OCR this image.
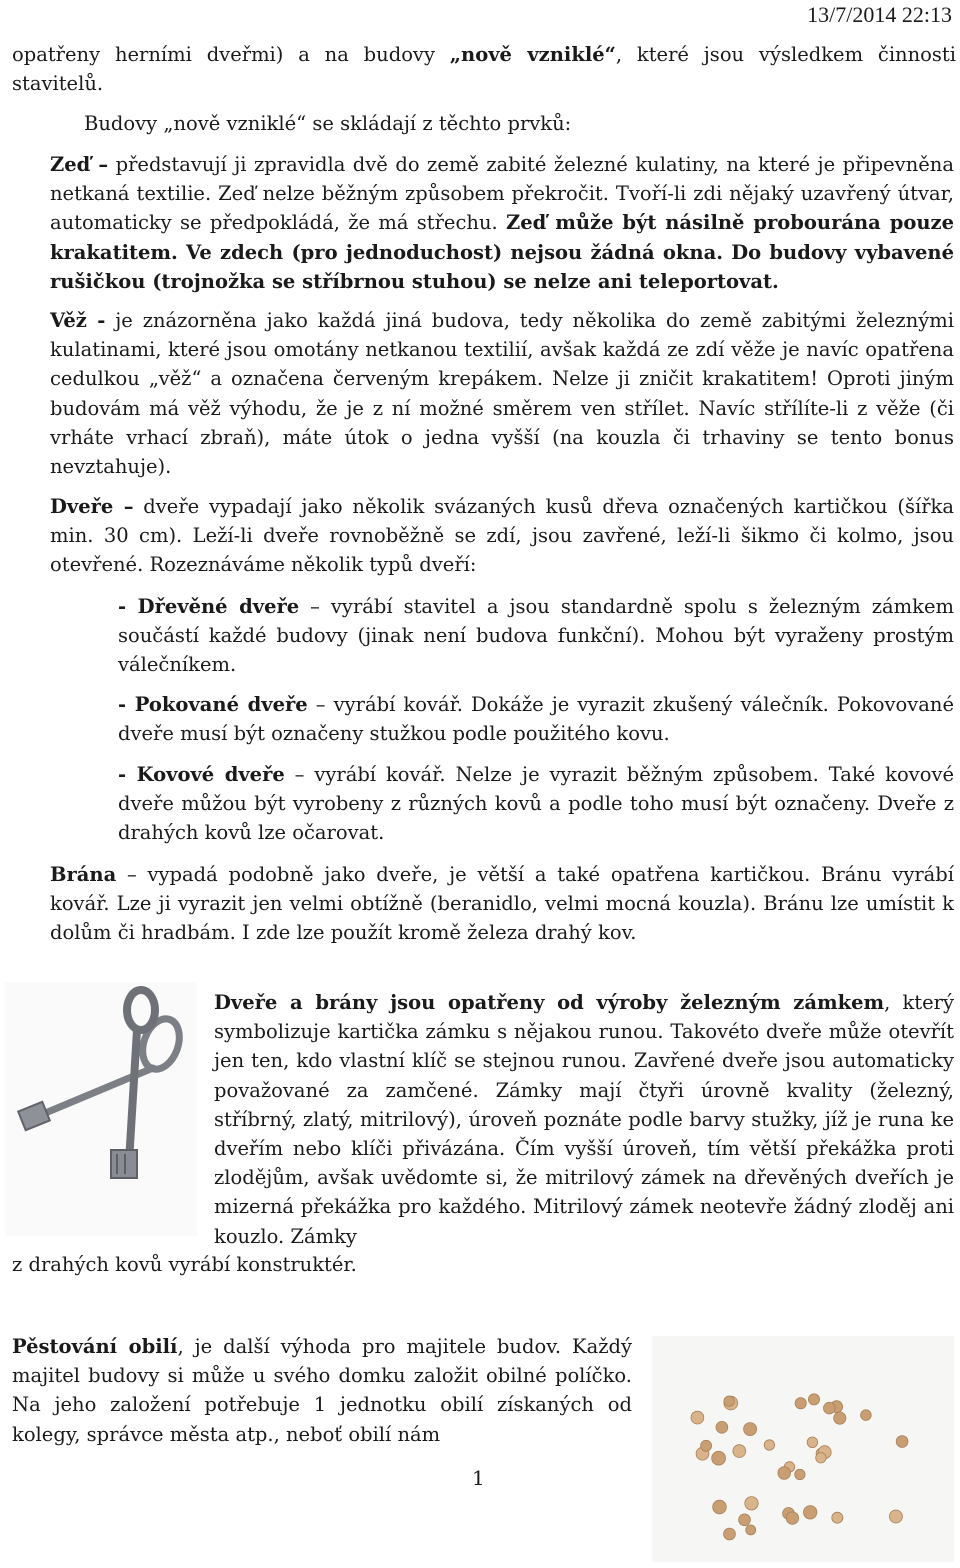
13/7/2014 22:13

opatřeny herními dveřmi) a na budovy „nově vzniklé“, které jsou výsledkem činnosti stavitelů.

Budovy „nově vzniklé“ se skládají z těchto prvků:

Zeď – představují ji zpravidla dvě do země zabité železné kulatiny, na které je připevněna netkaná textilie. Zeď nelze běžným způsobem překročit. Tvoří-li zdi nějaký uzavřený útvar, automaticky se předpokládá, že má střechu. Zeď může být násilně probourána pouze krakatitem. Ve zdech (pro jednoduchost) nejsou žádná okna. Do budovy vybavené rušičkou (trojnožka se stříbrnou stuhou) se nelze ani teleportovat.

Věž - je znázorněna jako každá jiná budova, tedy několika do země zabitými železnými kulatinami, které jsou omotány netkanou textilií, avšak každá ze zdí věže je navíc opatřena cedulkou „věž“ a označena červeným krepákem. Nelze ji zničit krakatitem! Oproti jiným budovám má věž výhodu, že je z ní možné směrem ven střílet. Navíc střílíte-li z věže (či vrháte vrhací zbraň), máte útok o jedna vyšší (na kouzla či trhaviny se tento bonus nevztahuje).

Dveře – dveře vypadají jako několik svázaných kusů dřeva označených kartičkou (šířka min. 30 cm). Leží-li dveře rovnoběžně se zdí, jsou zavřené, leží-li šikmo či kolmo, jsou otevřené. Rozeznáváme několik typů dveří:

- Dřevěné dveře – vyrábí stavitel a jsou standardně spolu s železným zámkem součástí každé budovy (jinak není budova funkční). Mohou být vyraženy prostým válečníkem.

- Pokované dveře – vyrábí kovář. Dokáže je vyrazit zkušený válečník. Pokovované dveře musí být označeny stužkou podle použitého kovu.

- Kovové dveře – vyrábí kovář. Nelze je vyrazit běžným způsobem. Také kovové dveře můžou být vyrobeny z různých kovů a podle toho musí být označeny. Dveře z drahých kovů lze očarovat.

Brána – vypadá podobně jako dveře, je větší a také opatřena kartičkou. Bránu vyrábí kovář. Lze ji vyrazit jen velmi obtížně (beranidlo, velmi mocná kouzla). Bránu lze umístit k dolům či hradbám. I zde lze použít kromě železa drahý kov.

Dveře a brány jsou opatřeny od výroby železným zámkem, který symbolizuje kartička zámku s nějakou runou. Takovéto dveře může otevřít jen ten, kdo vlastní klíč se stejnou runou. Zavřené dveře jsou automaticky považované za zamčené. Zámky mají čtyři úrovně kvality (železný, stříbrný, zlatý, mitrilový), úroveň poznáte podle barvy stužky, jíž je runa ke dveřím nebo klíči přivázána. Čím vyšší úroveň, tím větší překážka proti zlodějům, avšak uvědomte si, že mitrilový zámek na dřevěných dveřích je mizerná překážka pro každého. Mitrilový zámek neotevře žádný zloděj ani kouzlo. Zámky

z drahých kovů vyrábí konstruktér.

Pěstování obilí, je další výhoda pro majitele budov. Každý majitel budovy si může u svého domku založit obilné políčko. Na jeho založení potřebuje 1 jednotku obilí získaných od kolegy, správce města atp., neboť obilí nám

1
